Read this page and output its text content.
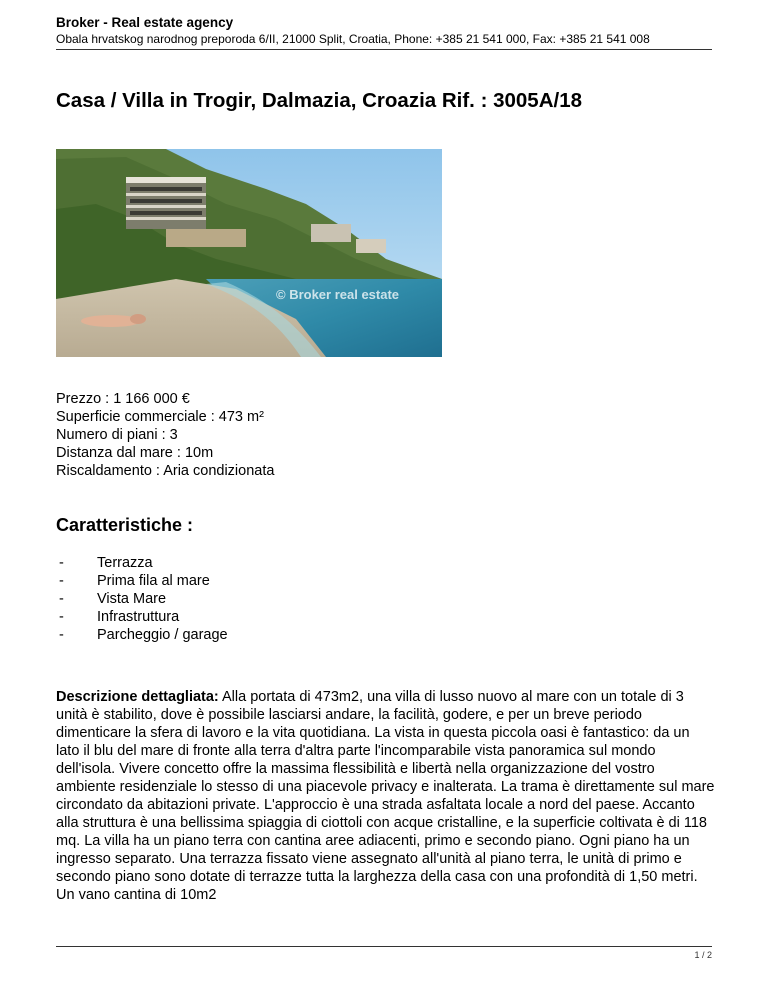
Broker - Real estate agency
Obala hrvatskog narodnog preporoda 6/II, 21000 Split, Croatia, Phone: +385 21 541 000, Fax: +385 21 541 008
Casa / Villa in Trogir, Dalmazia, Croazia Rif. : 3005A/18
© Broker real estate
Prezzo : 1 166 000 €
Superficie commerciale : 473 m²
Numero di piani : 3
Distanza dal mare : 10m
Riscaldamento : Aria condizionata
Caratteristiche :
- Terrazza
- Prima fila al mare
- Vista Mare
- Infrastruttura
- Parcheggio / garage

Descrizione dettagliata: Alla portata di 473m2, una villa di lusso nuovo al mare con un totale di 3 unità è stabilito, dove è possibile lasciarsi andare, la facilità, godere, e per un breve periodo dimenticare la sfera di lavoro e la vita quotidiana. La vista in questa piccola oasi è fantastico: da un lato il blu del mare di fronte alla terra d'altra parte l'incomparabile vista panoramica sul mondo dell'isola. Vivere concetto offre la massima flessibilità e libertà nella organizzazione del vostro ambiente residenziale lo stesso di una piacevole privacy e inalterata. La trama è direttamente sul mare circondato da abitazioni private. L'approccio è una strada asfaltata locale a nord del paese. Accanto alla struttura è una bellissima spiaggia di ciottoli con acque cristalline, e la superficie coltivata è di 118 mq. La villa ha un piano terra con cantina aree adiacenti, primo e secondo piano. Ogni piano ha un ingresso separato. Una terrazza fissato viene assegnato all'unità al piano terra, le unità di primo e secondo piano sono dotate di terrazze tutta la larghezza della casa con una profondità di 1,50 metri. Un vano cantina di 10m2

1 / 2
